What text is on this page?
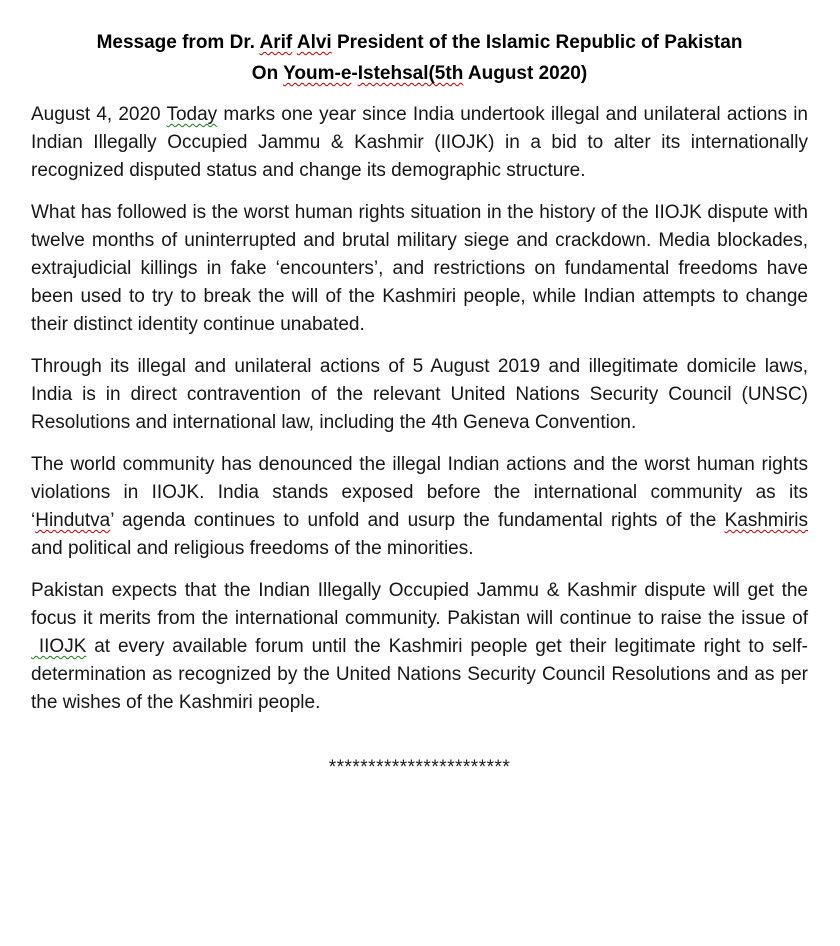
Message from Dr. Arif Alvi President of the Islamic Republic of Pakistan
On Youm-e-Istehsal(5th August 2020)

August 4, 2020 Today marks one year since India undertook illegal and unilateral actions in Indian Illegally Occupied Jammu & Kashmir (IIOJK) in a bid to alter its internationally recognized disputed status and change its demographic structure.

What has followed is the worst human rights situation in the history of the IIOJK dispute with twelve months of uninterrupted and brutal military siege and crackdown. Media blockades, extrajudicial killings in fake ‘encounters’, and restrictions on fundamental freedoms have been used to try to break the will of the Kashmiri people, while Indian attempts to change their distinct identity continue unabated.

Through its illegal and unilateral actions of 5 August 2019 and illegitimate domicile laws, India is in direct contravention of the relevant United Nations Security Council (UNSC) Resolutions and international law, including the 4th Geneva Convention.

The world community has denounced the illegal Indian actions and the worst human rights violations in IIOJK. India stands exposed before the international community as its ‘Hindutva’ agenda continues to unfold and usurp the fundamental rights of the Kashmiris and political and religious freedoms of the minorities.

Pakistan expects that the Indian Illegally Occupied Jammu & Kashmir dispute will get the focus it merits from the international community. Pakistan will continue to raise the issue of  IIOJK at every available forum until the Kashmiri people get their legitimate right to self-determination as recognized by the United Nations Security Council Resolutions and as per the wishes of the Kashmiri people.

***********************
